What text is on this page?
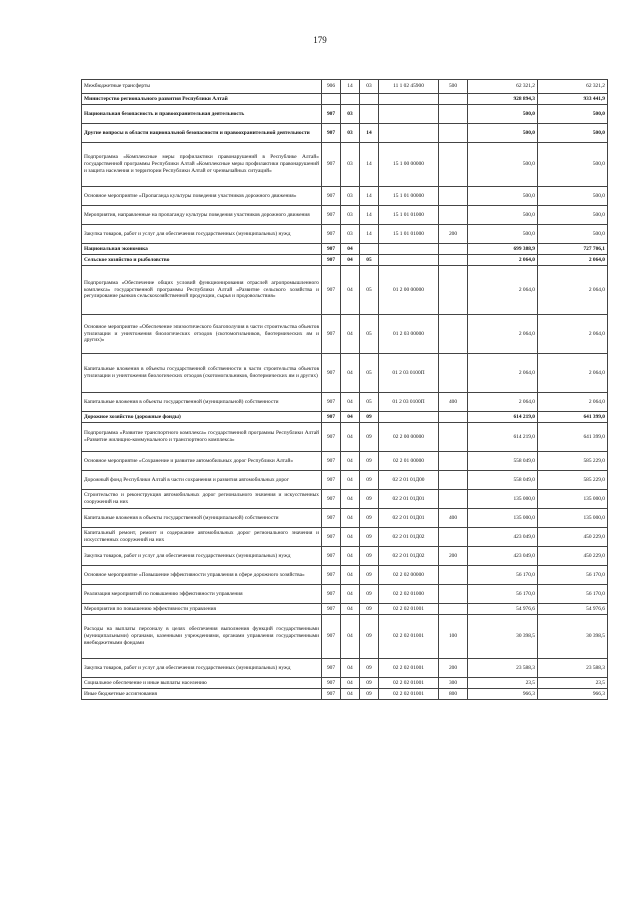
179
Межбюджетные трансферты	906	14	03	11 1 02 45900	500	62 321,2	62 321,2
Министерство регионального развития Республики Алтай						928 894,3	933 441,9
Национальная безопасность и правоохранительная деятельность	907	03				500,0	500,0
Другие вопросы в области национальной безопасности и правоохранительной деятельности	907	03	14			500,0	500,0
Подпрограмма «Комплексные меры профилактики правонарушений в Республике Алтай» государственной программы Республики Алтай «Комплексные меры профилактики правонарушений и защита населения и территории Республики Алтай от чрезвычайных ситуаций»	907	03	14	15 1 00 00000		500,0	500,0
Основное мероприятие «Пропаганда культуры поведения участников дорожного движения»	907	03	14	15 1 01 00000		500,0	500,0
Мероприятия, направленные на пропаганду культуры поведения участников дорожного движения	907	03	14	15 1 01 01000		500,0	500,0
Закупка товаров, работ и услуг для обеспечения государственных (муниципальных) нужд	907	03	14	15 1 01 01000	200	500,0	500,0
Национальная экономика	907	04				699 388,9	727 706,1
Сельское хозяйство и рыболовство	907	04	05			2 064,0	2 064,0
Подпрограмма «Обеспечение общих условий функционирования отраслей агропромышленного комплекса» государственной программы Республики Алтай «Развитие сельского хозяйства и регулирование рынков сельскохозяйственной продукции, сырья и продовольствия»	907	04	05	01 2 00 00000		2 064,0	2 064,0
Основное мероприятие «Обеспечение эпизоотического благополучия в части строительства объектов утилизации и уничтожения биологических отходов (скотомогильников, биотермических ям и других)»	907	04	05	01 2 03 00000		2 064,0	2 064,0
Капитальные вложения в объекты государственной собственности в части строительства объектов утилизации и уничтожения биологических отходов (скотомогильников, биотермических ям и других)	907	04	05	01 2 03 0100П		2 064,0	2 064,0
Капитальные вложения в объекты государственной (муниципальной) собственности	907	04	05	01 2 03 0100П	400	2 064,0	2 064,0
Дорожное хозяйство (дорожные фонды)	907	04	09			614 219,0	641 399,0
Подпрограмма «Развитие транспортного комплекса» государственной программы Республики Алтай «Развитие жилищно-коммунального и транспортного комплекса»	907	04	09	02 2 00 00000		614 219,0	641 399,0
Основное мероприятие «Сохранение и развитие автомобильных дорог Республики Алтай»	907	04	09	02 2 01 00000		558 049,0	585 229,0
Дорожный фонд Республики Алтай в части сохранения и развития автомобильных дорог	907	04	09	02 2 01 01Д00		558 049,0	585 229,0
Строительство и реконструкция автомобильных дорог регионального значения и искусственных сооружений на них	907	04	09	02 2 01 01Д01		135 000,0	135 000,0
Капитальные вложения в объекты государственной (муниципальной) собственности	907	04	09	02 2 01 01Д01	400	135 000,0	135 000,0
Капитальный ремонт, ремонт и содержание автомобильных дорог регионального значения и искусственных сооружений на них	907	04	09	02 2 01 01Д02		423 049,0	450 229,0
Закупка товаров, работ и услуг для обеспечения государственных (муниципальных) нужд	907	04	09	02 2 01 01Д02	200	423 049,0	450 229,0
Основное мероприятие «Повышение эффективности управления в сфере дорожного хозяйства»	907	04	09	02 2 02 00000		56 170,0	56 170,0
Реализация мероприятий по повышению эффективности управления	907	04	09	02 2 02 01000		56 170,0	56 170,0
Мероприятия по повышению эффективности управления	907	04	09	02 2 02 01001		54 976,6	54 976,6
Расходы на выплаты персоналу в целях обеспечения выполнения функций государственными (муниципальными) органами, казенными учреждениями, органами управления государственными внебюджетными фондами	907	04	09	02 2 02 01001	100	30 398,5	30 398,5
Закупка товаров, работ и услуг для обеспечения государственных (муниципальных) нужд	907	04	09	02 2 02 01001	200	23 588,3	23 588,3
Социальное обеспечение и иные выплаты населению	907	04	09	02 2 02 01001	300	23,5	23,5
Иные бюджетные ассигнования	907	04	09	02 2 02 01001	800	966,3	966,3
